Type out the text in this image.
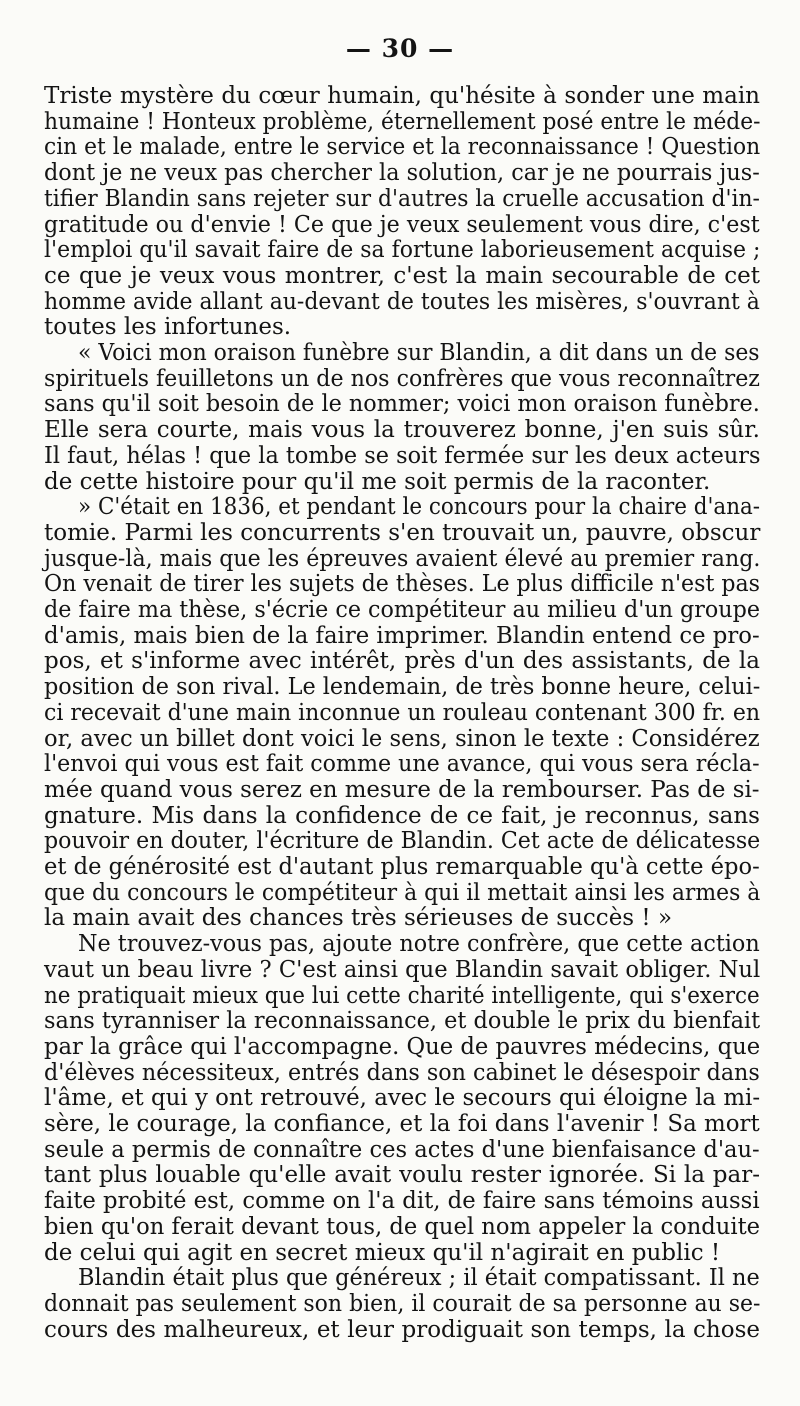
— 30 —
Triste mystère du cœur humain, qu'hésite à sonder une main
humaine ! Honteux problème, éternellement posé entre le méde-
cin et le malade, entre le service et la reconnaissance ! Question
dont je ne veux pas chercher la solution, car je ne pourrais jus-
tifier Blandin sans rejeter sur d'autres la cruelle accusation d'in-
gratitude ou d'envie ! Ce que je veux seulement vous dire, c'est
l'emploi qu'il savait faire de sa fortune laborieusement acquise ;
ce que je veux vous montrer, c'est la main secourable de cet
homme avide allant au-devant de toutes les misères, s'ouvrant à
toutes les infortunes.
« Voici mon oraison funèbre sur Blandin, a dit dans un de ses
spirituels feuilletons un de nos confrères que vous reconnaîtrez
sans qu'il soit besoin de le nommer; voici mon oraison funèbre.
Elle sera courte, mais vous la trouverez bonne, j'en suis sûr.
Il faut, hélas ! que la tombe se soit fermée sur les deux acteurs
de cette histoire pour qu'il me soit permis de la raconter.
» C'était en 1836, et pendant le concours pour la chaire d'ana-
tomie. Parmi les concurrents s'en trouvait un, pauvre, obscur
jusque-là, mais que les épreuves avaient élevé au premier rang.
On venait de tirer les sujets de thèses. Le plus difficile n'est pas
de faire ma thèse, s'écrie ce compétiteur au milieu d'un groupe
d'amis, mais bien de la faire imprimer. Blandin entend ce pro-
pos, et s'informe avec intérêt, près d'un des assistants, de la
position de son rival. Le lendemain, de très bonne heure, celui-
ci recevait d'une main inconnue un rouleau contenant 300 fr. en
or, avec un billet dont voici le sens, sinon le texte : Considérez
l'envoi qui vous est fait comme une avance, qui vous sera récla-
mée quand vous serez en mesure de la rembourser. Pas de si-
gnature. Mis dans la confidence de ce fait, je reconnus, sans
pouvoir en douter, l'écriture de Blandin. Cet acte de délicatesse
et de générosité est d'autant plus remarquable qu'à cette épo-
que du concours le compétiteur à qui il mettait ainsi les armes à
la main avait des chances très sérieuses de succès ! »
Ne trouvez-vous pas, ajoute notre confrère, que cette action
vaut un beau livre ? C'est ainsi que Blandin savait obliger. Nul
ne pratiquait mieux que lui cette charité intelligente, qui s'exerce
sans tyranniser la reconnaissance, et double le prix du bienfait
par la grâce qui l'accompagne. Que de pauvres médecins, que
d'élèves nécessiteux, entrés dans son cabinet le désespoir dans
l'âme, et qui y ont retrouvé, avec le secours qui éloigne la mi-
sère, le courage, la confiance, et la foi dans l'avenir ! Sa mort
seule a permis de connaître ces actes d'une bienfaisance d'au-
tant plus louable qu'elle avait voulu rester ignorée. Si la par-
faite probité est, comme on l'a dit, de faire sans témoins aussi
bien qu'on ferait devant tous, de quel nom appeler la conduite
de celui qui agit en secret mieux qu'il n'agirait en public !
Blandin était plus que généreux ; il était compatissant. Il ne
donnait pas seulement son bien, il courait de sa personne au se-
cours des malheureux, et leur prodiguait son temps, la chose
